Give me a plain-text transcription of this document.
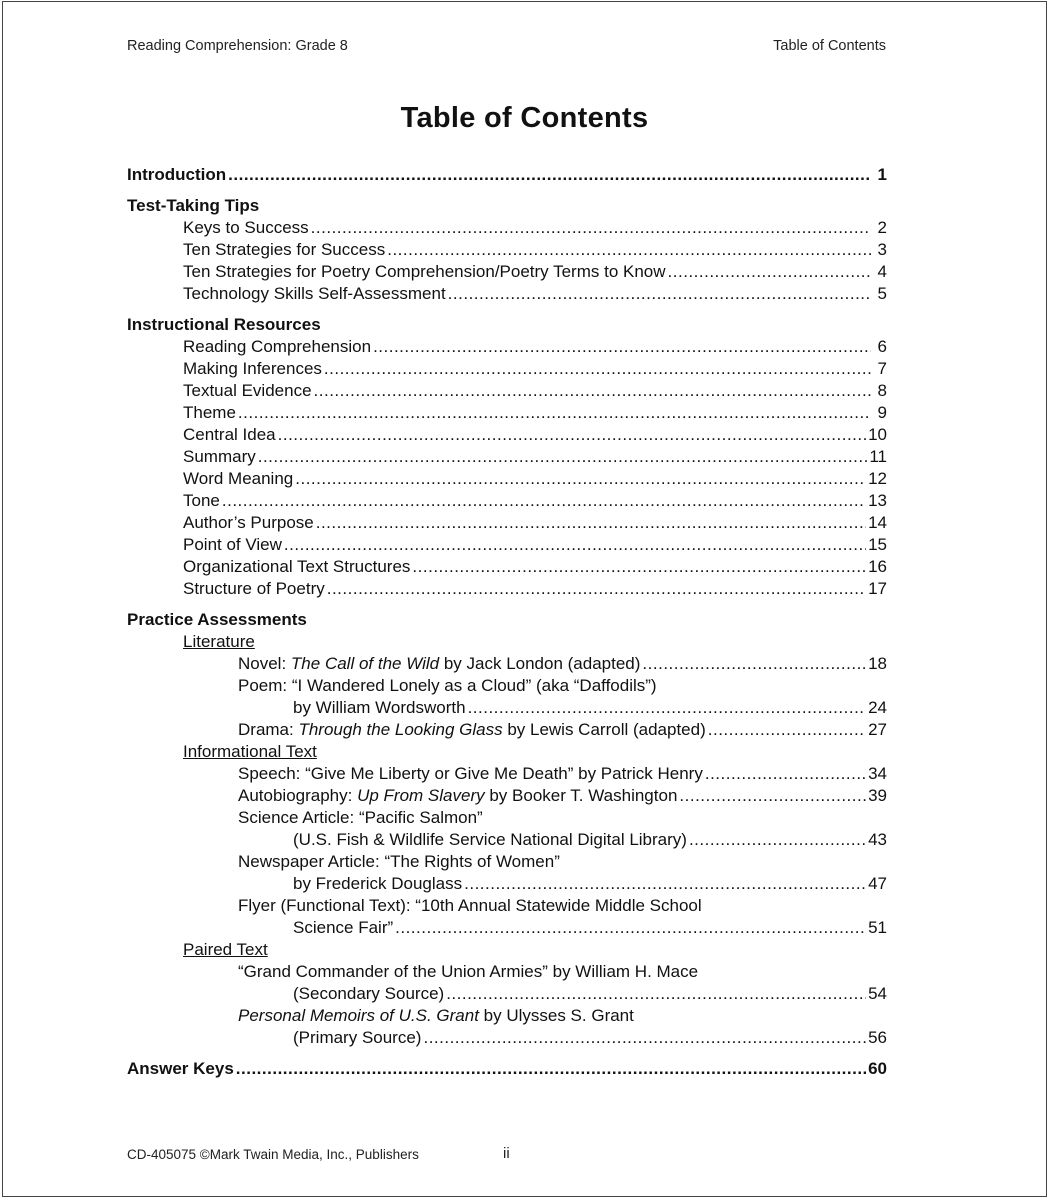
Reading Comprehension: Grade 8	Table of Contents
Table of Contents
Introduction .....	1
Test-Taking Tips
Keys to Success .....	2
Ten Strategies for Success .....	3
Ten Strategies for Poetry Comprehension/Poetry Terms to Know .....	4
Technology Skills Self-Assessment .....	5
Instructional Resources
Reading Comprehension .....	6
Making Inferences .....	7
Textual Evidence .....	8
Theme .....	9
Central Idea .....	10
Summary .....	11
Word Meaning .....	12
Tone .....	13
Author’s Purpose .....	14
Point of View .....	15
Organizational Text Structures .....	16
Structure of Poetry .....	17
Practice Assessments
Literature
Novel: The Call of the Wild by Jack London (adapted) .....	18
Poem: “I Wandered Lonely as a Cloud” (aka “Daffodils”)
by William Wordsworth .....	24
Drama: Through the Looking Glass by Lewis Carroll (adapted) .....	27
Informational Text
Speech: “Give Me Liberty or Give Me Death” by Patrick Henry .....	34
Autobiography: Up From Slavery by Booker T. Washington .....	39
Science Article: “Pacific Salmon”
(U.S. Fish & Wildlife Service National Digital Library) .....	43
Newspaper Article: “The Rights of Women”
by Frederick Douglass .....	47
Flyer (Functional Text): “10th Annual Statewide Middle School
Science Fair” .....	51
Paired Text
“Grand Commander of the Union Armies” by William H. Mace
(Secondary Source) .....	54
Personal Memoirs of U.S. Grant by Ulysses S. Grant
(Primary Source) .....	56
Answer Keys .....	60
CD-405075 ©Mark Twain Media, Inc., Publishers	ii
